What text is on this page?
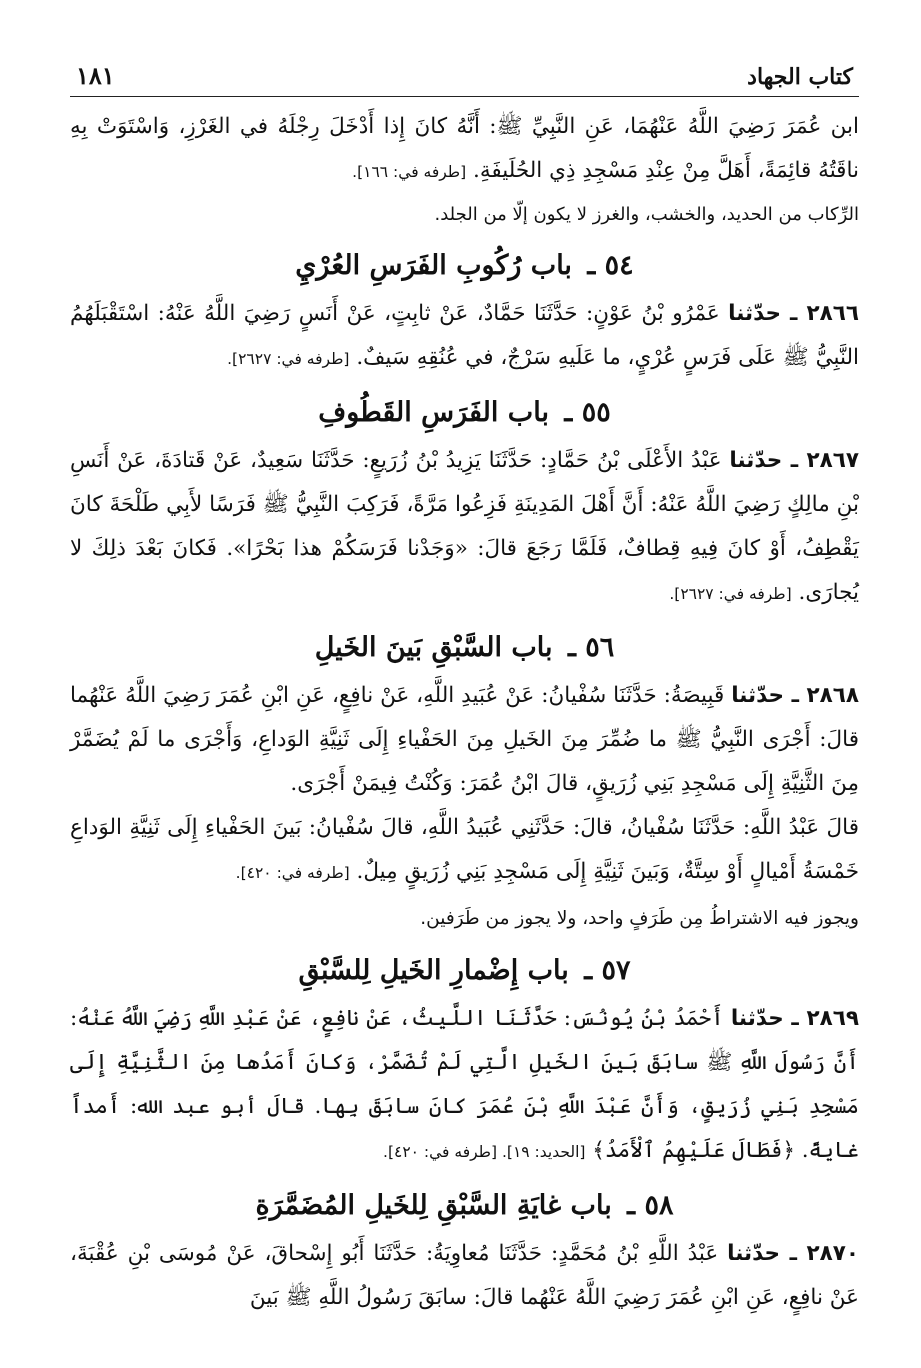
كتاب الجهاد
١٨١

ابن عُمَرَ رَضِيَ اللَّهُ عَنْهُمَا، عَنِ النَّبِيِّ ﷺ: أَنَّهُ كانَ إِذا أَدْخَلَ رِجْلَهُ في الغَرْزِ، وَاسْتَوَتْ بِهِ ناقَتُهُ قائِمَةً، أَهَلَّ مِنْ عِنْدِ مَسْجِدِ ذِي الحُلَيفَةِ. [طرفه في: ١٦٦].

الرِّكاب من الحديد، والخشب، والغرز لا يكون إلّا من الجلد.

٥٤ ـ باب رُكُوبِ الفَرَسِ العُرْيِ

٢٨٦٦ ـ حدّثنا عَمْرُو بْنُ عَوْنٍ: حَدَّثَنَا حَمَّادٌ، عَنْ ثابِتٍ، عَنْ أَنَسٍ رَضِيَ اللَّهُ عَنْهُ: اسْتَقْبَلَهُمُ النَّبِيُّ ﷺ عَلَى فَرَسٍ عُرْيٍ، ما عَلَيهِ سَرْجٌ، في عُنُقِهِ سَيفٌ. [طرفه في: ٢٦٢٧].

٥٥ ـ باب الفَرَسِ القَطُوفِ

٢٨٦٧ ـ حدّثنا عَبْدُ الأَعْلَى بْنُ حَمَّادٍ: حَدَّثَنَا يَزِيدُ بْنُ زُرَيعٍ: حَدَّثَنَا سَعِيدٌ، عَنْ قَتادَةَ، عَنْ أَنَسِ بْنِ مالِكٍ رَضِيَ اللَّهُ عَنْهُ: أَنَّ أَهْلَ المَدِينَةِ فَزِعُوا مَرَّةً، فَرَكِبَ النَّبِيُّ ﷺ فَرَسًا لأَبِي طَلْحَةَ كانَ يَقْطِفُ، أَوْ كانَ فِيهِ قِطافٌ، فَلَمَّا رَجَعَ قالَ: «وَجَدْنا فَرَسَكُمْ هذا بَحْرًا». فَكانَ بَعْدَ ذلِكَ لا يُجارَى. [طرفه في: ٢٦٢٧].

٥٦ ـ باب السَّبْقِ بَينَ الخَيلِ

٢٨٦٨ ـ حدّثنا قَبِيصَةُ: حَدَّثَنَا سُفْيانُ: عَنْ عُبَيدِ اللَّهِ، عَنْ نافِعٍ، عَنِ ابْنِ عُمَرَ رَضِيَ اللَّهُ عَنْهُما قالَ: أَجْرَى النَّبِيُّ ﷺ ما ضُمِّرَ مِنَ الخَيلِ مِنَ الحَفْياءِ إِلَى ثَنِيَّةِ الوَداعِ، وَأَجْرَى ما لَمْ يُضَمَّرْ مِنَ الثَّنِيَّةِ إِلَى مَسْجِدِ بَنِي زُرَيقٍ، قالَ ابْنُ عُمَرَ: وَكُنْتُ فِيمَنْ أَجْرَى.

قالَ عَبْدُ اللَّهِ: حَدَّثَنَا سُفْيانُ، قالَ: حَدَّثَنِي عُبَيدُ اللَّهِ، قالَ سُفْيانُ: بَينَ الحَفْياءِ إِلَى ثَنِيَّةِ الوَداعِ خَمْسَةُ أَمْيالٍ أَوْ سِتَّةٌ، وَبَينَ ثَنِيَّةِ إِلَى مَسْجِدِ بَنِي زُرَيقٍ مِيلٌ. [طرفه في: ٤٢٠].

ويجوز فيه الاشتراطُ مِن طَرَفٍ واحد، ولا يجوز من طَرَفين.

٥٧ ـ باب إِضْمارِ الخَيلِ لِلسَّبْقِ

٢٨٦٩ ـ حدّثنا أَحْمَدُ بْنُ يُونُسَ: حَدَّثَنَا اللَّيثُ، عَنْ نافِعٍ، عَنْ عَبْدِ اللَّهِ رَضِيَ اللَّهُ عَنْهُ: أَنَّ رَسُولَ اللَّهِ ﷺ سابَقَ بَينَ الخَيلِ الَّتِي لَمْ تُضَمَّرْ، وَكانَ أَمَدُها مِنَ الثَّنِيَّةِ إِلَى مَسْجِدِ بَنِي زُرَيقٍ، وَأَنَّ عَبْدَ اللَّهِ بْنَ عُمَرَ كانَ سابَقَ بِها. قالَ أبو عبد الله: أَمداً غايةً. ﴿فَطَالَ عَلَيْهِمُ ٱلْأَمَدُ﴾ [الحديد: ١٩]. [طرفه في: ٤٢٠].

٥٨ ـ باب غايَةِ السَّبْقِ لِلخَيلِ المُضَمَّرَةِ

٢٨٧٠ ـ حدّثنا عَبْدُ اللَّهِ بْنُ مُحَمَّدٍ: حَدَّثَنَا مُعاوِيَةُ: حَدَّثَنَا أَبُو إِسْحاقَ، عَنْ مُوسَى بْنِ عُقْبَةَ، عَنْ نافِعٍ، عَنِ ابْنِ عُمَرَ رَضِيَ اللَّهُ عَنْهُما قالَ: سابَقَ رَسُولُ اللَّهِ ﷺ بَينَ
